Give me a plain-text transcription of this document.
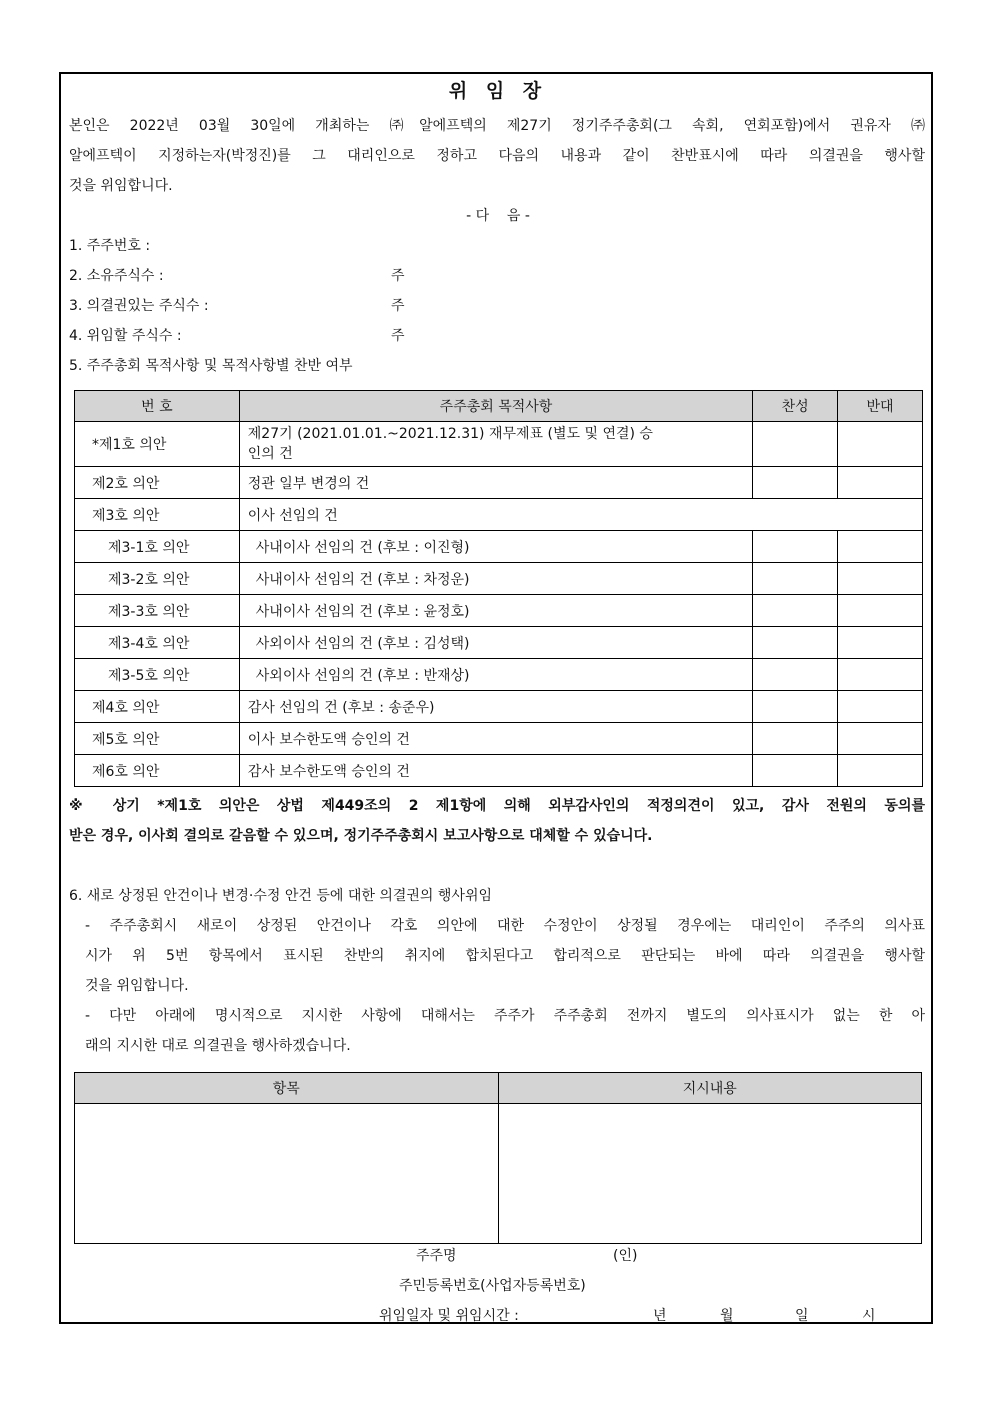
위 임 장
본인은 2022년 03월 30일에 개최하는 ㈜알에프텍의 제27기 정기주주총회(그 속회, 연회포함)에서 권유자 ㈜
알에프텍이 지정하는자(박정진)를 그 대리인으로 정하고 다음의 내용과 같이 찬반표시에 따라 의결권을 행사할
것을 위임합니다.
- 다    음 -
1. 주주번호 :
2. 소유주식수 :	주
3. 의결권있는 주식수 :	주
4. 위임할 주식수 :	주
5. 주주총회 목적사항 및 목적사항별 찬반 여부
번 호	주주총회 목적사항	찬성	반대
*제1호 의안	제27기 (2021.01.01.~2021.12.31) 재무제표 (별도 및 연결) 승
인의 건		

제2호 의안	정관 일부 변경의 건		
제3호 의안	이사 선임의 건		
제3-1호 의안	사내이사 선임의 건 (후보 : 이진형)		
제3-2호 의안	사내이사 선임의 건 (후보 : 차정운)		
제3-3호 의안	사내이사 선임의 건 (후보 : 윤정호)		
제3-4호 의안	사외이사 선임의 건 (후보 : 김성택)		
제3-5호 의안	사외이사 선임의 건 (후보 : 반재상)		
제4호 의안	감사 선임의 건 (후보 : 송준우)		
제5호 의안	이사 보수한도액 승인의 건		
제6호 의안	감사 보수한도액 승인의 건		
※ 상기 *제1호 의안은 상법 제449조의 2 제1항에 의해 외부감사인의 적정의견이 있고, 감사 전원의 동의를
받은 경우, 이사회 결의로 갈음할 수 있으며, 정기주주총회시 보고사항으로 대체할 수 있습니다.
6. 새로 상정된 안건이나 변경·수정 안건 등에 대한 의결권의 행사위임
- 주주총회시 새로이 상정된 안건이나 각호 의안에 대한 수정안이 상정될 경우에는 대리인이 주주의 의사표
시가 위 5번 항목에서 표시된 찬반의 취지에 합치된다고 합리적으로 판단되는 바에 따라 의결권을 행사할
것을 위임합니다.
- 다만 아래에 명시적으로 지시한 사항에 대해서는 주주가 주주총회 전까지 별도의 의사표시가 없는 한 아
래의 지시한 대로 의결권을 행사하겠습니다.
항목	지시내용

주주명	(인)
주민등록번호(사업자등록번호)
위임일자 및 위임시간 :	년	월	일	시
